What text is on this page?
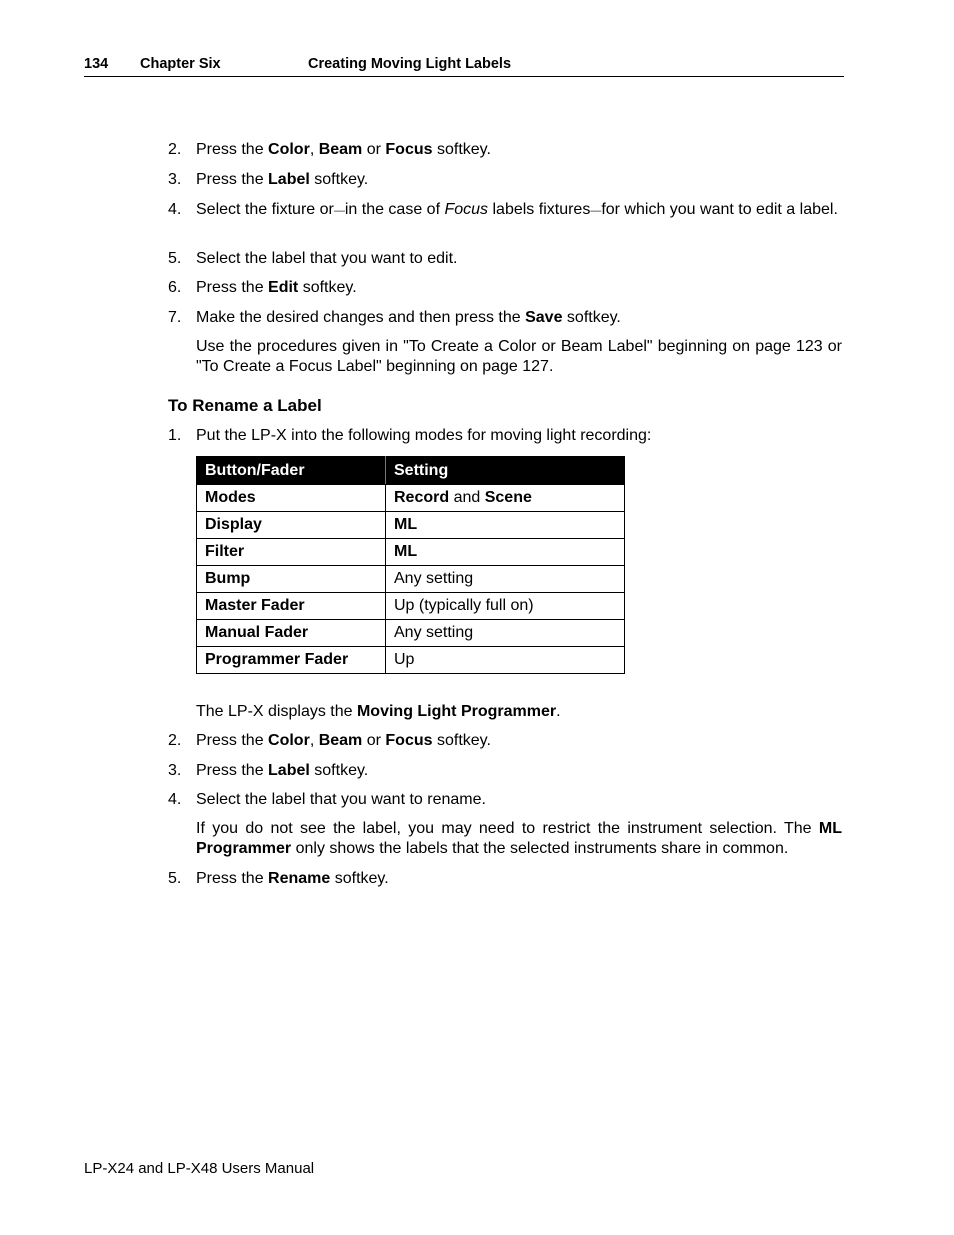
134 Chapter Six	Creating Moving Light Labels
2. Press the Color, Beam or Focus softkey.
3. Press the Label softkey.
4. Select the fixture or—in the case of Focus labels fixtures—for which you want to edit a label.
5. Select the label that you want to edit.
6. Press the Edit softkey.
7. Make the desired changes and then press the Save softkey.
Use the procedures given in "To Create a Color or Beam Label" beginning on page 123 or "To Create a Focus Label" beginning on page 127.
To Rename a Label
1. Put the LP-X into the following modes for moving light recording:
Button/Fader	Setting
Modes	Record and Scene
Display	ML
Filter	ML
Bump	Any setting
Master Fader	Up (typically full on)
Manual Fader	Any setting
Programmer Fader	Up
The LP-X displays the Moving Light Programmer.
2. Press the Color, Beam or Focus softkey.
3. Press the Label softkey.
4. Select the label that you want to rename.
If you do not see the label, you may need to restrict the instrument selection. The ML Programmer only shows the labels that the selected instruments share in common.
5. Press the Rename softkey.
LP-X24 and LP-X48 Users Manual
